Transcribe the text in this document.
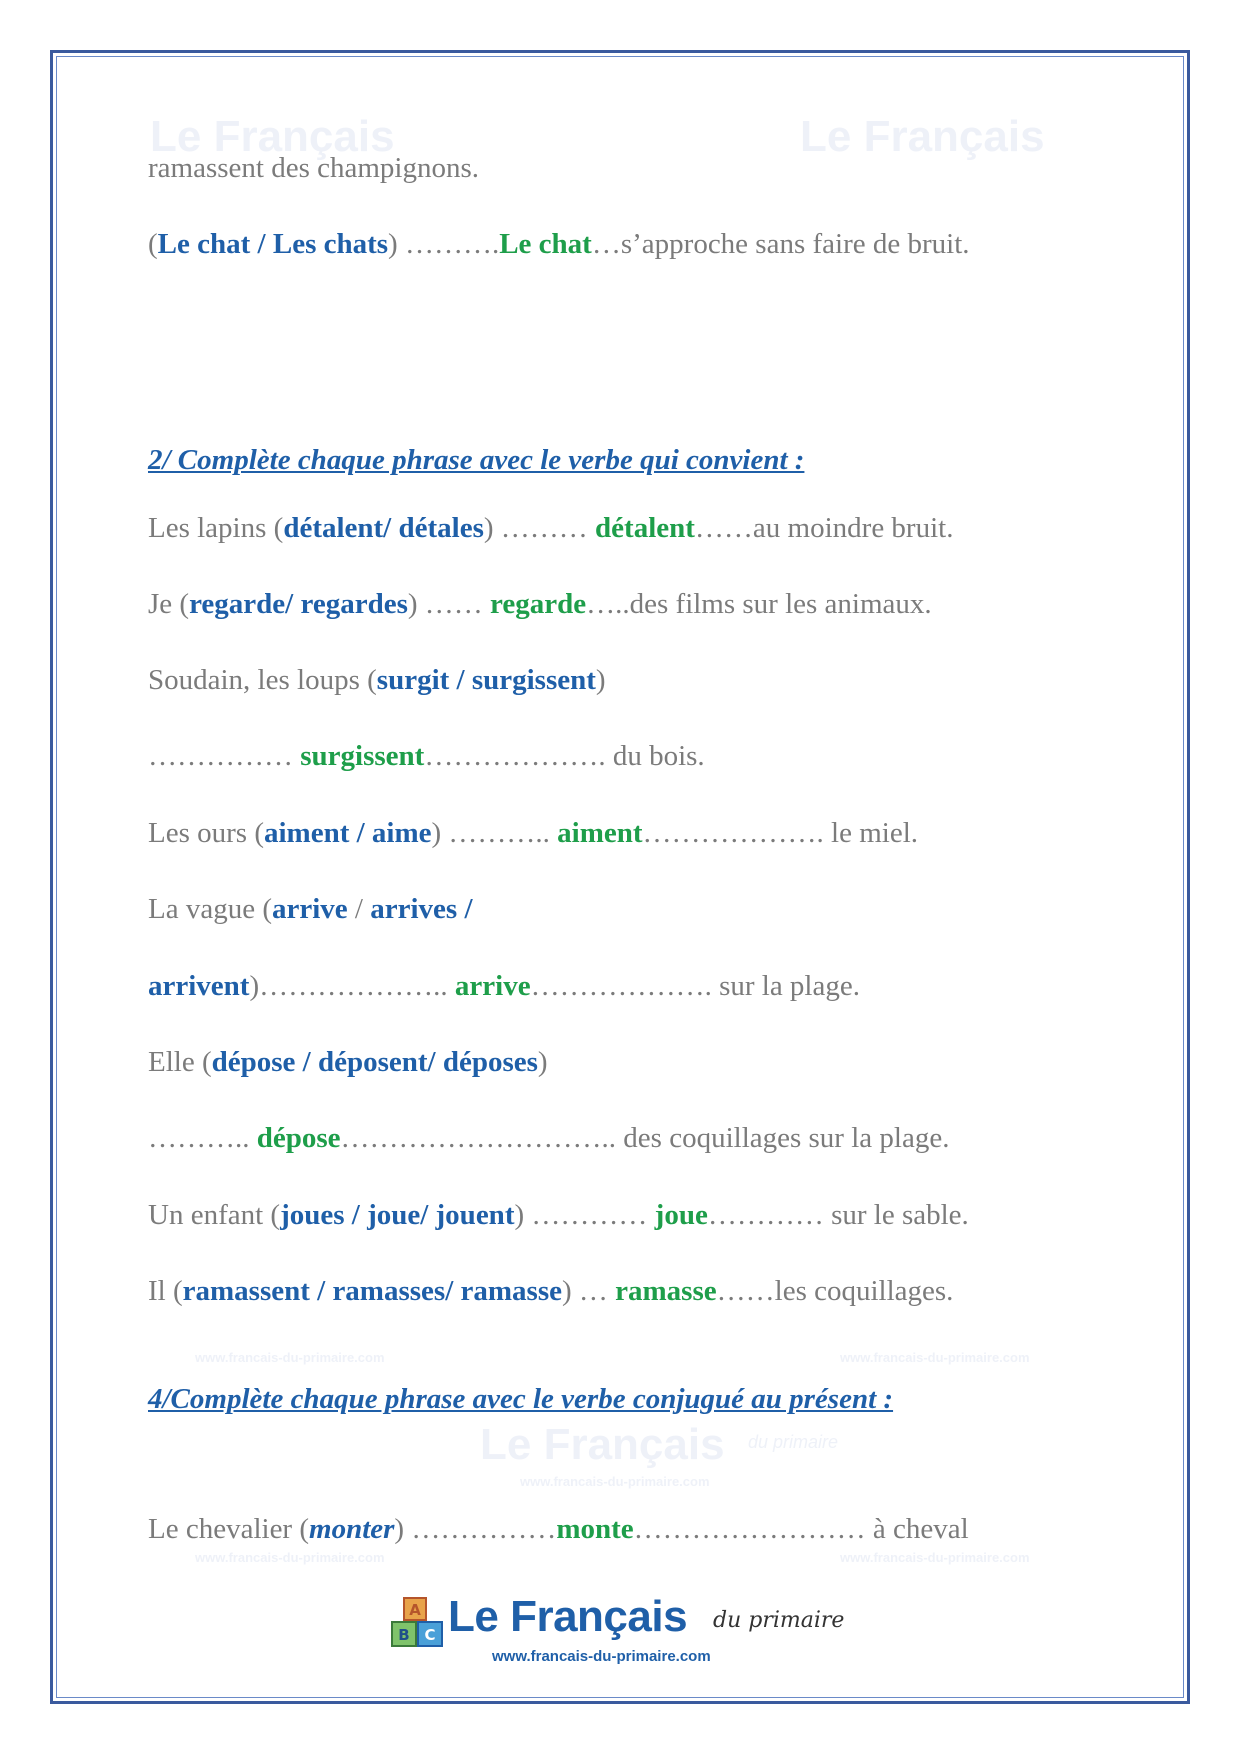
Le Français	Le Français
Le Français du primaire
www.francais-du-primaire.com	www.francais-du-primaire.com
www.francais-du-primaire.com
www.francais-du-primaire.com	www.francais-du-primaire.com

ramassent des champignons.

(Le chat / Les chats) ……….Le chat…s’approche sans faire de bruit.

2/ Complète chaque phrase avec le verbe qui convient :

Les lapins (détalent/ détales) ……… détalent……au moindre bruit.

Je (regarde/ regardes) …… regarde…..des films sur les animaux.

Soudain, les loups (surgit / surgissent)

…………… surgissent………………. du bois.

Les ours (aiment / aime) ……….. aiment………………. le miel.

La vague (arrive / arrives /

arrivent)……………….. arrive………………. sur la plage.

Elle (dépose / déposent/ déposes)

……….. dépose……………………….. des coquillages sur la plage.

Un enfant (joues / joue/ jouent) ………… joue………… sur le sable.

Il (ramassent / ramasses/ ramasse) … ramasse……les coquillages.

4/Complète chaque phrase avec le verbe conjugué au présent :

Le chevalier (monter) ……………monte…………………… à cheval

A
B C Le Français du primaire
www.francais-du-primaire.com
